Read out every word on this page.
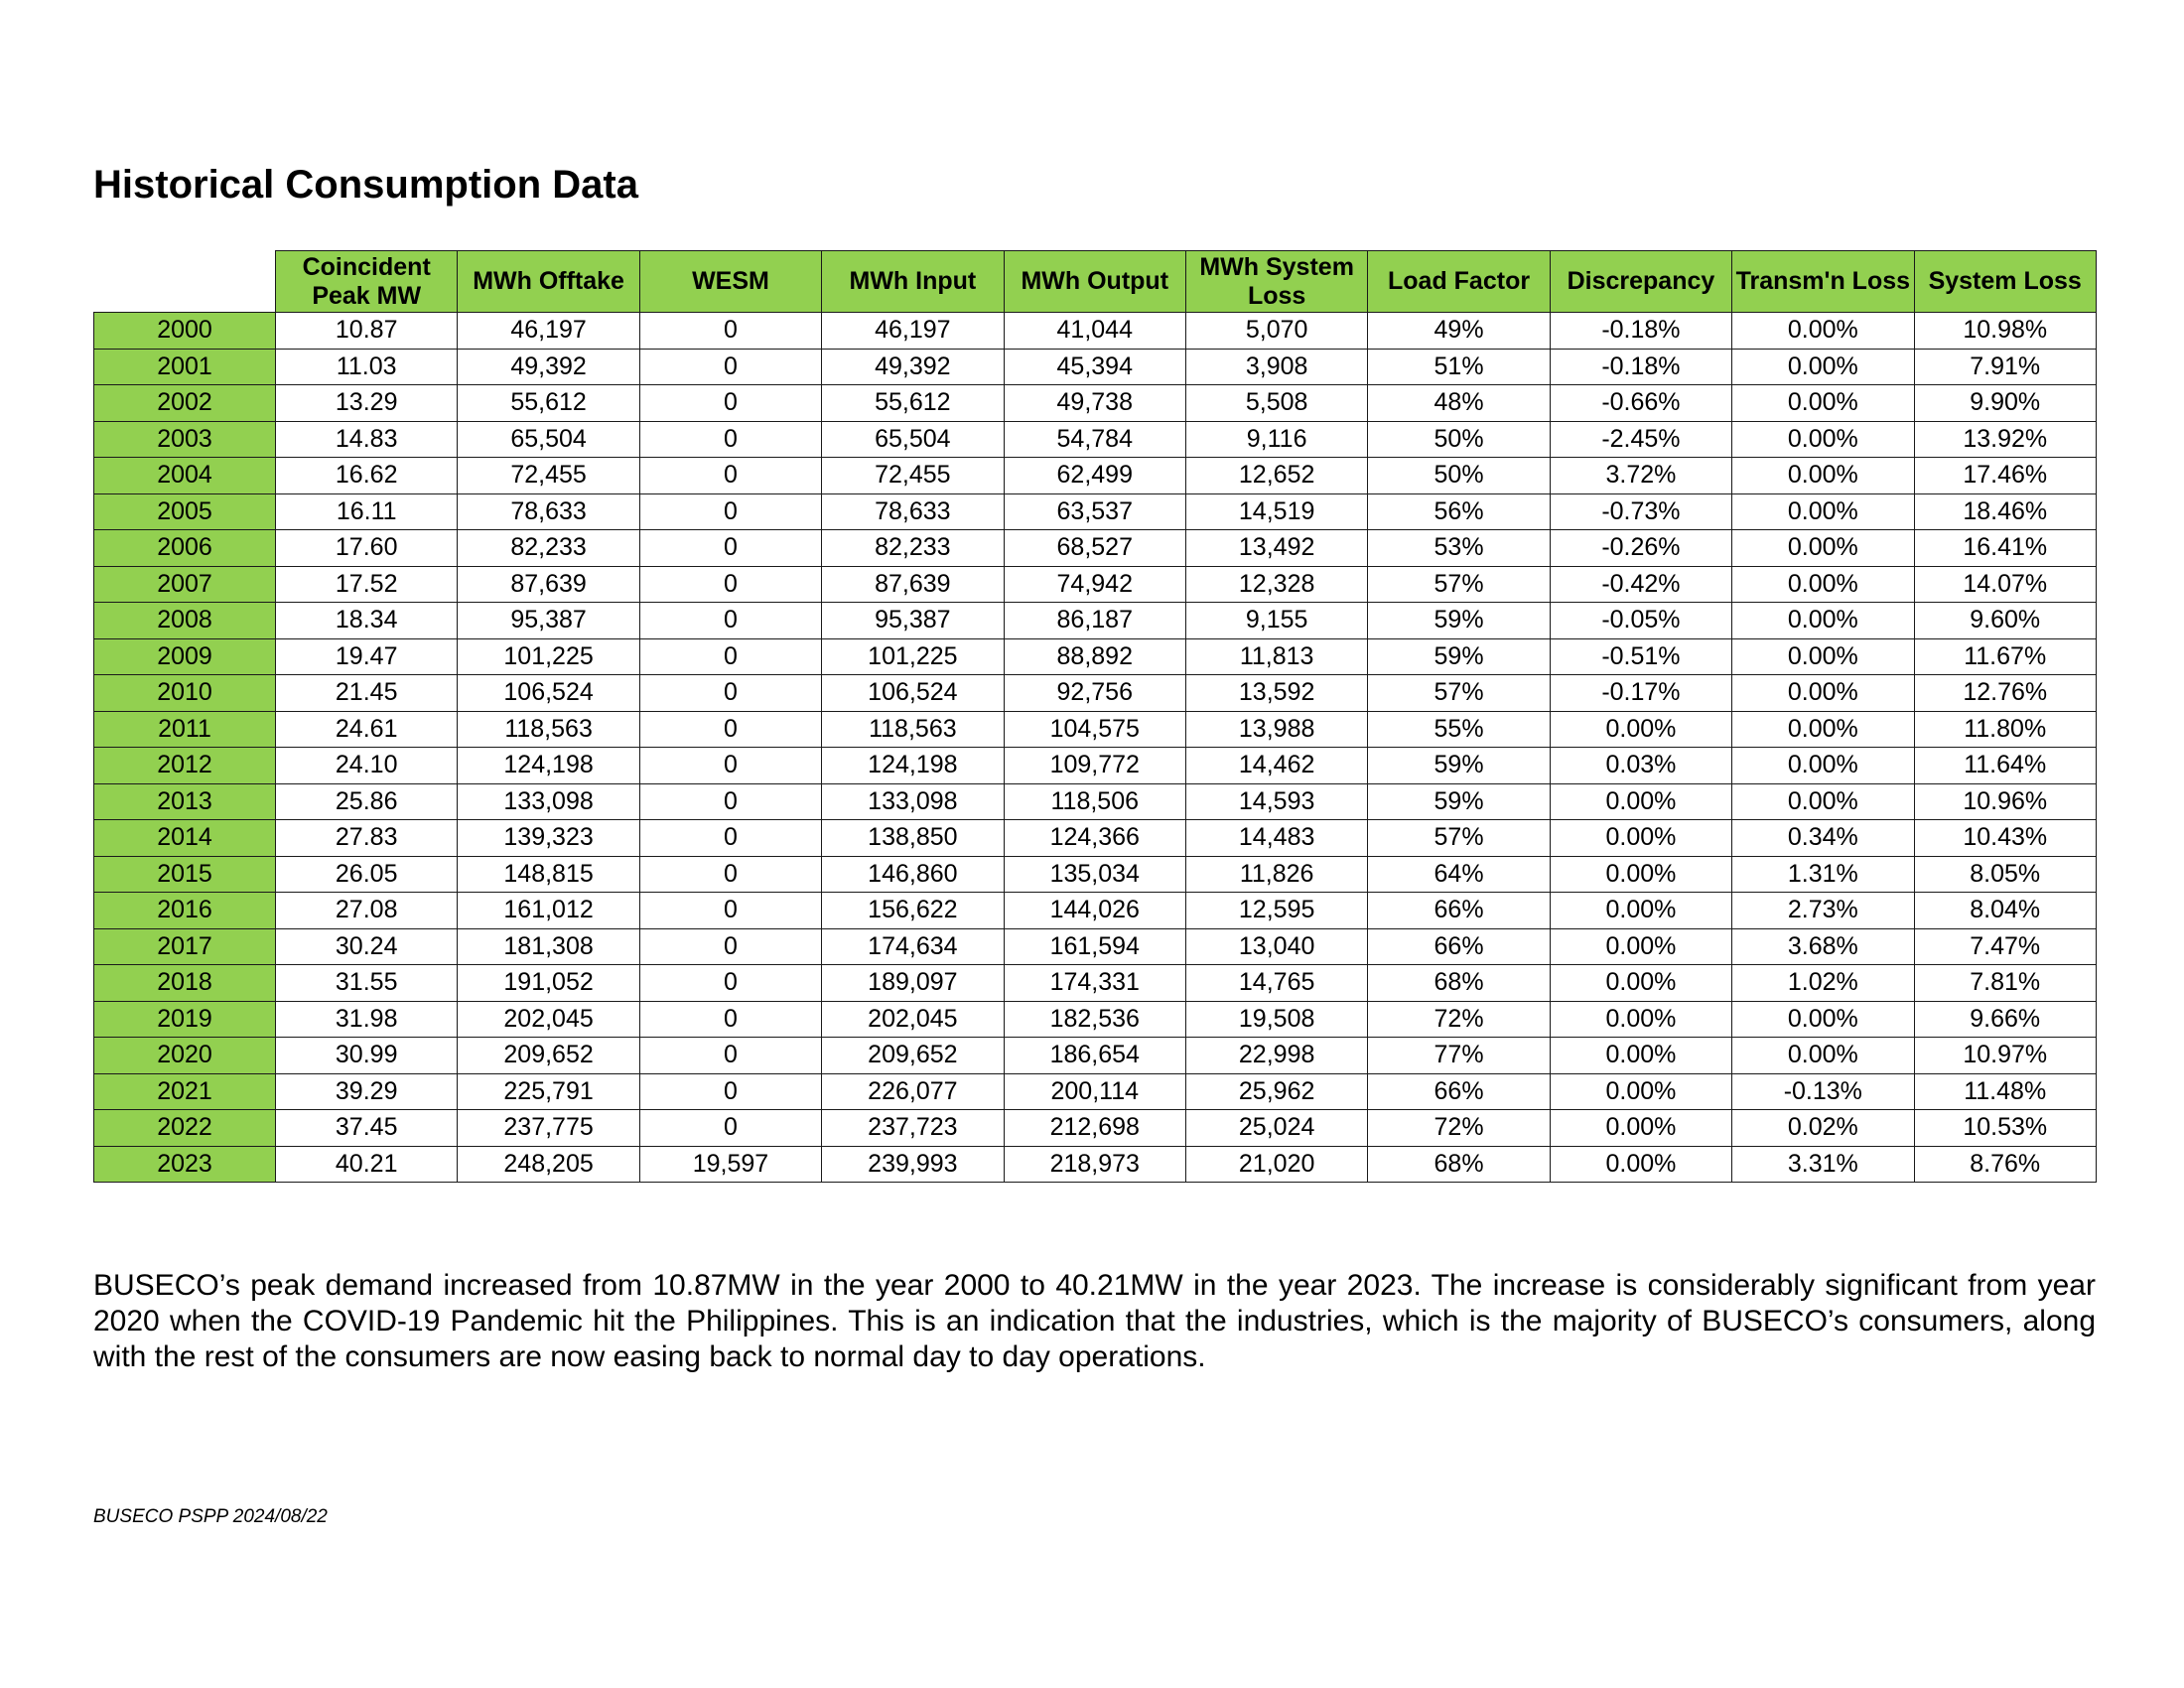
Historical Consumption Data
	Coincident Peak MW	MWh Offtake	WESM	MWh Input	MWh Output	MWh System Loss	Load Factor	Discrepancy	Transm'n Loss	System Loss
2000	10.87	46,197	0	46,197	41,044	5,070	49%	-0.18%	0.00%	10.98%
2001	11.03	49,392	0	49,392	45,394	3,908	51%	-0.18%	0.00%	7.91%
2002	13.29	55,612	0	55,612	49,738	5,508	48%	-0.66%	0.00%	9.90%
2003	14.83	65,504	0	65,504	54,784	9,116	50%	-2.45%	0.00%	13.92%
2004	16.62	72,455	0	72,455	62,499	12,652	50%	3.72%	0.00%	17.46%
2005	16.11	78,633	0	78,633	63,537	14,519	56%	-0.73%	0.00%	18.46%
2006	17.60	82,233	0	82,233	68,527	13,492	53%	-0.26%	0.00%	16.41%
2007	17.52	87,639	0	87,639	74,942	12,328	57%	-0.42%	0.00%	14.07%
2008	18.34	95,387	0	95,387	86,187	9,155	59%	-0.05%	0.00%	9.60%
2009	19.47	101,225	0	101,225	88,892	11,813	59%	-0.51%	0.00%	11.67%
2010	21.45	106,524	0	106,524	92,756	13,592	57%	-0.17%	0.00%	12.76%
2011	24.61	118,563	0	118,563	104,575	13,988	55%	0.00%	0.00%	11.80%
2012	24.10	124,198	0	124,198	109,772	14,462	59%	0.03%	0.00%	11.64%
2013	25.86	133,098	0	133,098	118,506	14,593	59%	0.00%	0.00%	10.96%
2014	27.83	139,323	0	138,850	124,366	14,483	57%	0.00%	0.34%	10.43%
2015	26.05	148,815	0	146,860	135,034	11,826	64%	0.00%	1.31%	8.05%
2016	27.08	161,012	0	156,622	144,026	12,595	66%	0.00%	2.73%	8.04%
2017	30.24	181,308	0	174,634	161,594	13,040	66%	0.00%	3.68%	7.47%
2018	31.55	191,052	0	189,097	174,331	14,765	68%	0.00%	1.02%	7.81%
2019	31.98	202,045	0	202,045	182,536	19,508	72%	0.00%	0.00%	9.66%
2020	30.99	209,652	0	209,652	186,654	22,998	77%	0.00%	0.00%	10.97%
2021	39.29	225,791	0	226,077	200,114	25,962	66%	0.00%	-0.13%	11.48%
2022	37.45	237,775	0	237,723	212,698	25,024	72%	0.00%	0.02%	10.53%
2023	40.21	248,205	19,597	239,993	218,973	21,020	68%	0.00%	3.31%	8.76%

BUSECO’s peak demand increased from 10.87MW in the year 2000 to 40.21MW in the year 2023. The increase is considerably significant from year 2020 when the COVID-19 Pandemic hit the Philippines. This is an indication that the industries, which is the majority of BUSECO’s consumers, along with the rest of the consumers are now easing back to normal day to day operations.

BUSECO PSPP 2024/08/22
